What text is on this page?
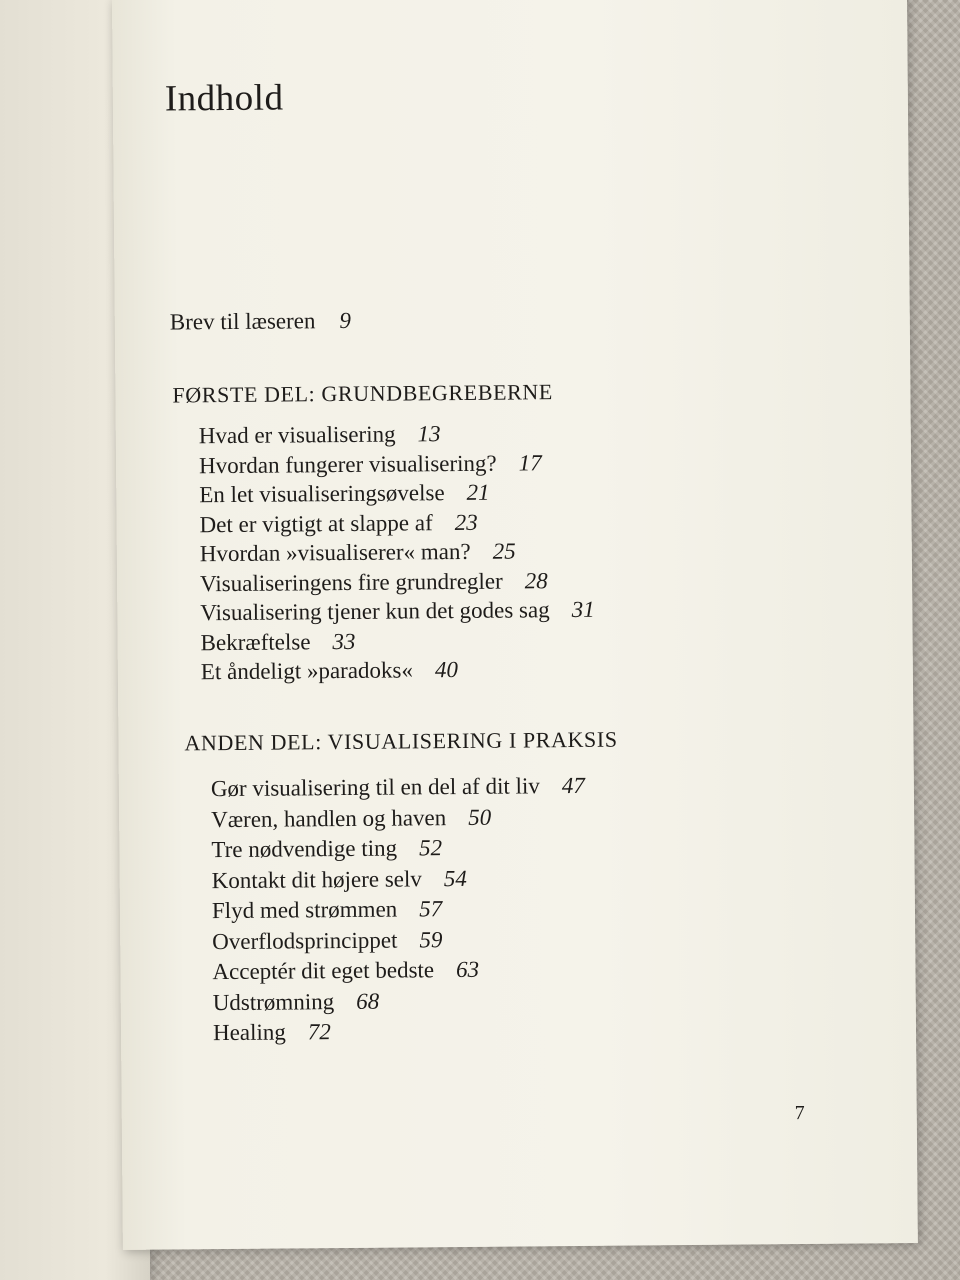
Indhold
Brev til læseren 9
FØRSTE DEL: GRUNDBEGREBERNE
Hvad er visualisering 13
Hvordan fungerer visualisering? 17
En let visualiseringsøvelse 21
Det er vigtigt at slappe af 23
Hvordan »visualiserer« man? 25
Visualiseringens fire grundregler 28
Visualisering tjener kun det godes sag 31
Bekræftelse 33
Et åndeligt »paradoks« 40
ANDEN DEL: VISUALISERING I PRAKSIS
Gør visualisering til en del af dit liv 47
Væren, handlen og haven 50
Tre nødvendige ting 52
Kontakt dit højere selv 54
Flyd med strømmen 57
Overflodsprincippet 59
Acceptér dit eget bedste 63
Udstrømning 68
Healing 72
7
